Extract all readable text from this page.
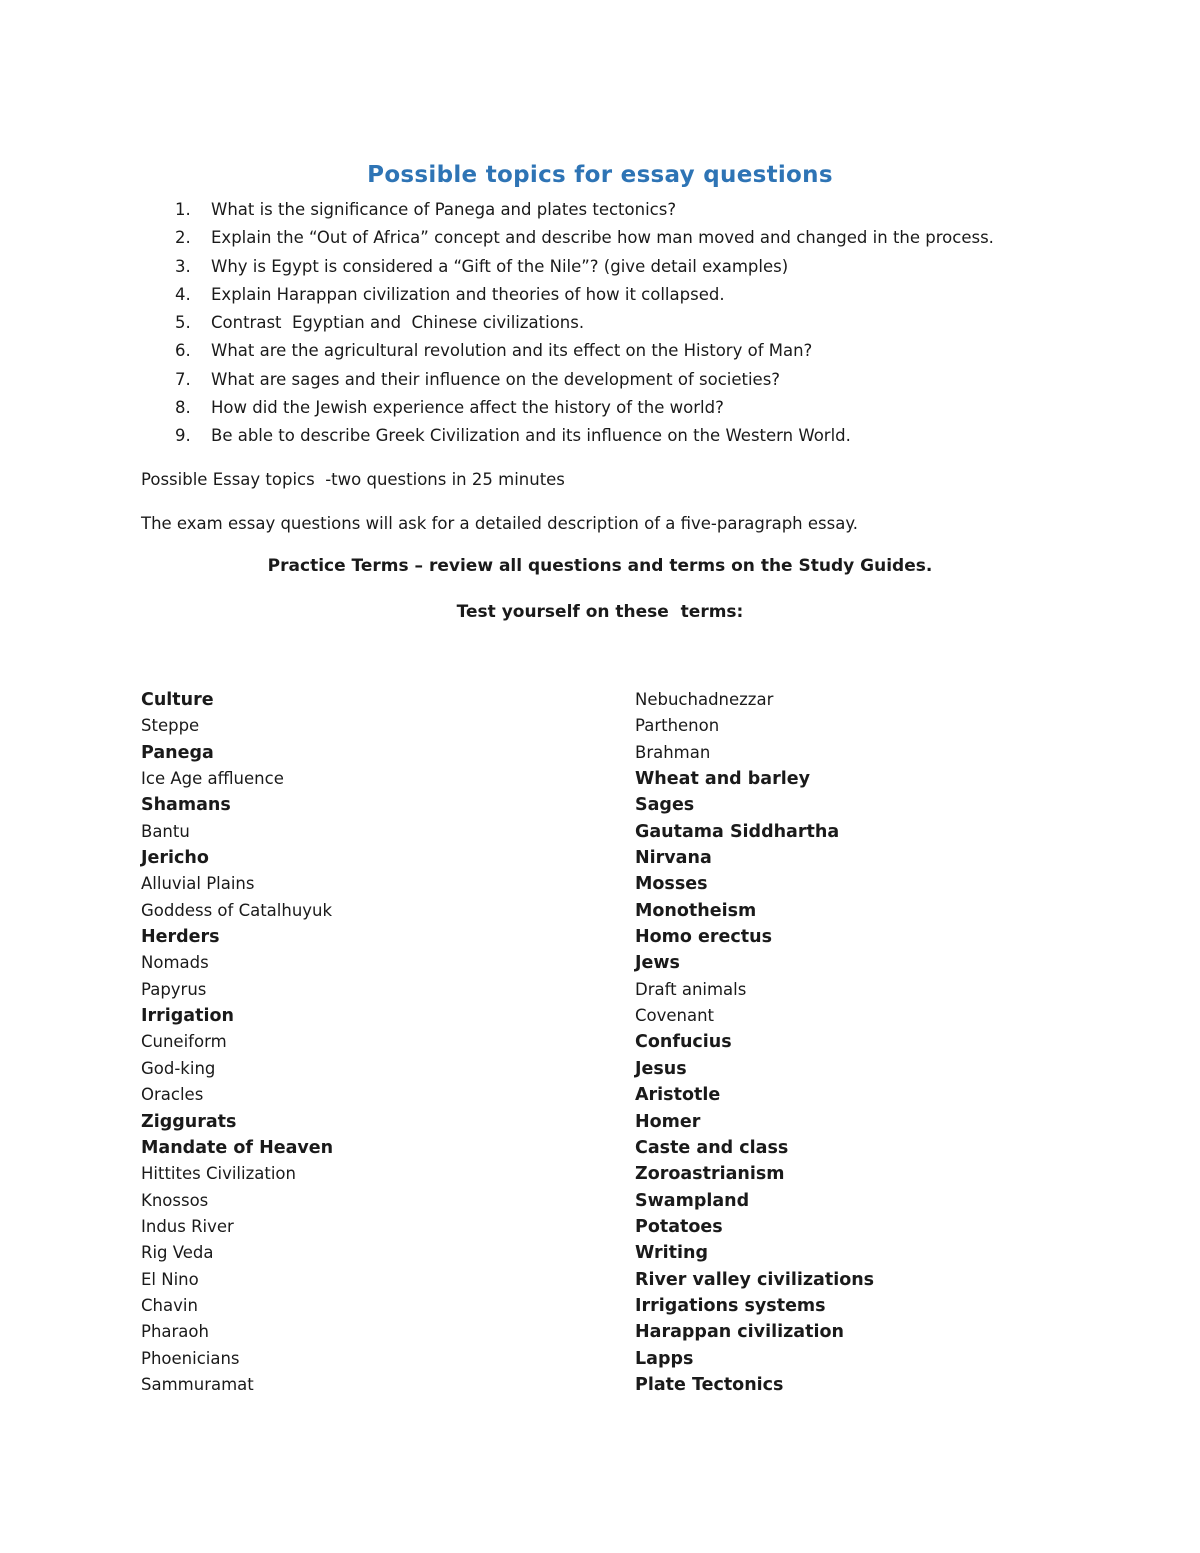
Possible topics for essay questions
1. What is the significance of Panega and plates tectonics?
2. Explain the “Out of Africa” concept and describe how man moved and changed in the process.
3. Why is Egypt is considered a “Gift of the Nile”? (give detail examples)
4. Explain Harappan civilization and theories of how it collapsed.
5. Contrast  Egyptian and  Chinese civilizations.
6. What are the agricultural revolution and its effect on the History of Man?
7. What are sages and their influence on the development of societies?
8. How did the Jewish experience affect the history of the world?
9. Be able to describe Greek Civilization and its influence on the Western World.
Possible Essay topics  -two questions in 25 minutes
The exam essay questions will ask for a detailed description of a five-paragraph essay.
Practice Terms – review all questions and terms on the Study Guides.
Test yourself on these  terms:
Culture
Steppe
Panega
Ice Age affluence
Shamans
Bantu
Jericho
Alluvial Plains
Goddess of Catalhuyuk
Herders
Nomads
Papyrus
Irrigation
Cuneiform
God-king
Oracles
Ziggurats
Mandate of Heaven
Hittites Civilization
Knossos
Indus River
Rig Veda
El Nino
Chavin
Pharaoh
Phoenicians
Sammuramat
Nebuchadnezzar
Parthenon
Brahman
Wheat and barley
Sages
Gautama Siddhartha
Nirvana
Mosses
Monotheism
Homo erectus
Jews
Draft animals
Covenant
Confucius
Jesus
Aristotle
Homer
Caste and class
Zoroastrianism
Swampland
Potatoes
Writing
River valley civilizations
Irrigations systems
Harappan civilization
Lapps
Plate Tectonics
